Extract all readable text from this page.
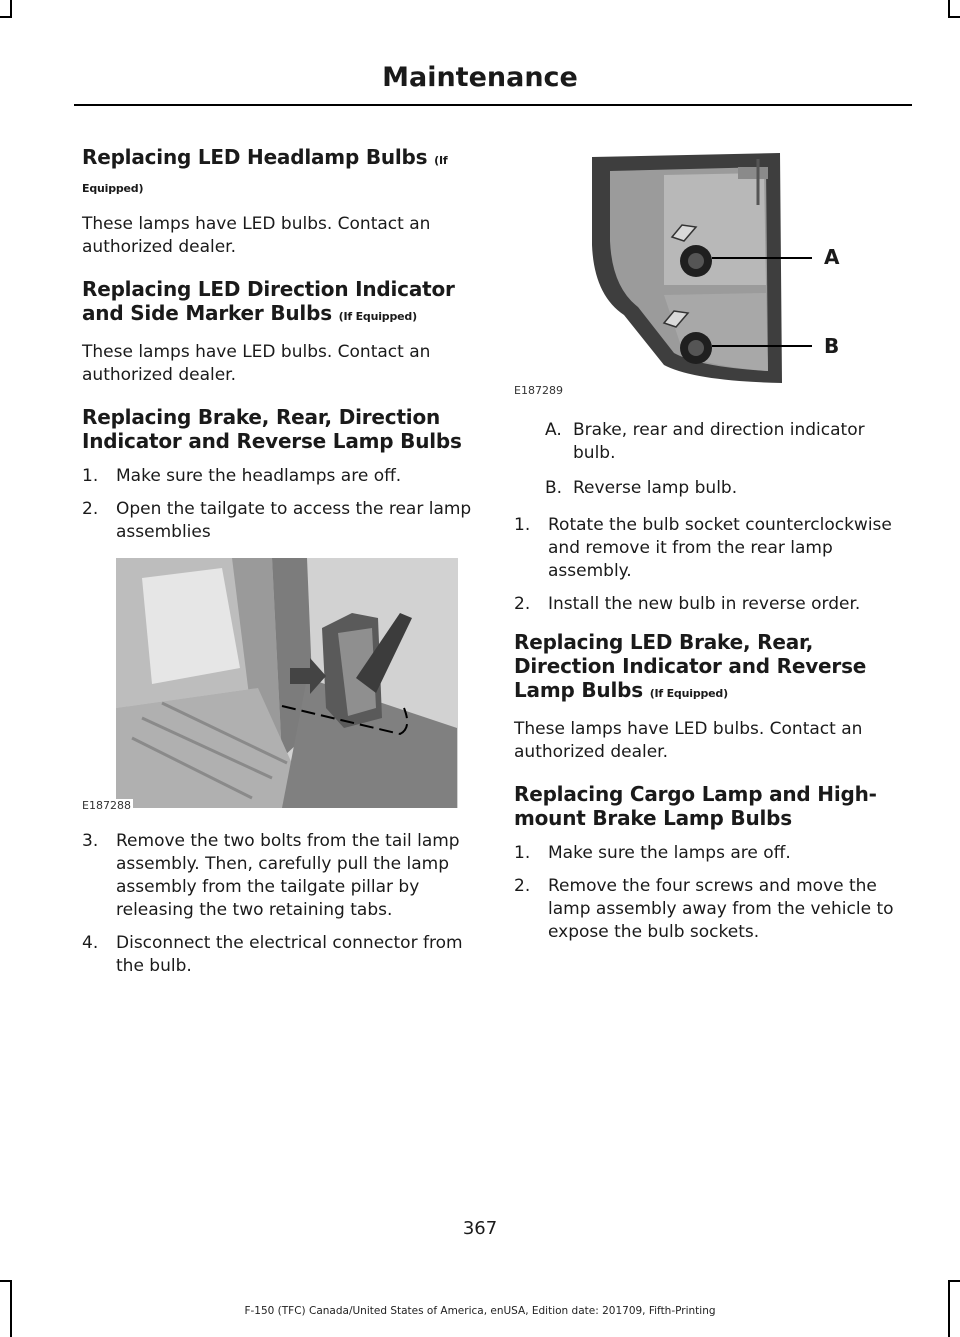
Maintenance
Replacing LED Headlamp Bulbs (If Equipped)

These lamps have LED bulbs. Contact an authorized dealer.

Replacing LED Direction Indicator and Side Marker Bulbs (If Equipped)

These lamps have LED bulbs. Contact an authorized dealer.

Replacing Brake, Rear, Direction Indicator and Reverse Lamp Bulbs
1. Make sure the headlamps are off.
2. Open the tailgate to access the rear lamp assemblies
E187288
3. Remove the two bolts from the tail lamp assembly. Then, carefully pull the lamp assembly from the tailgate pillar by releasing the two retaining tabs.
4. Disconnect the electrical connector from the bulb.
A
B
E187289
A. Brake, rear and direction indicator bulb.
B. Reverse lamp bulb.
1. Rotate the bulb socket counterclockwise and remove it from the rear lamp assembly.
2. Install the new bulb in reverse order.
Replacing LED Brake, Rear, Direction Indicator and Reverse Lamp Bulbs (If Equipped)

These lamps have LED bulbs. Contact an authorized dealer.

Replacing Cargo Lamp and High-mount Brake Lamp Bulbs
1. Make sure the lamps are off.
2. Remove the four screws and move the lamp assembly away from the vehicle to expose the bulb sockets.
367
F-150 (TFC) Canada/United States of America, enUSA, Edition date: 201709, Fifth-Printing
